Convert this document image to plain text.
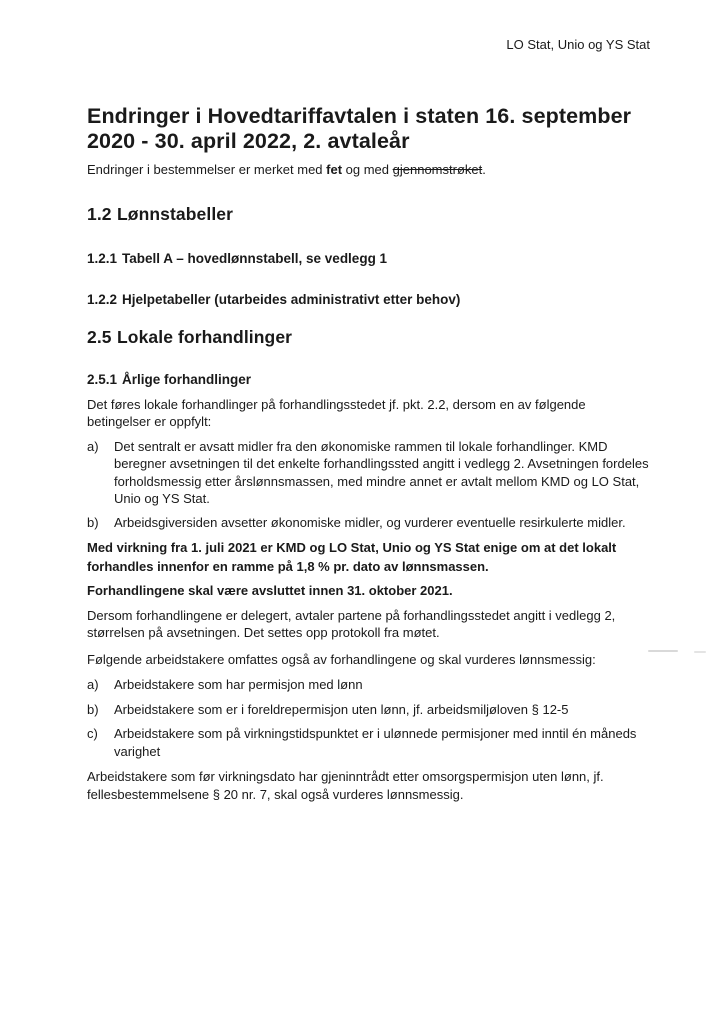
LO Stat, Unio og YS Stat
Endringer i Hovedtariffavtalen i staten 16. september 2020 - 30. april 2022, 2. avtaleår

Endringer i bestemmelser er merket med fet og med gjennomstrøket.

1.2 Lønnstabeller
1.2.1 Tabell A – hovedlønnstabell, se vedlegg 1
1.2.2 Hjelpetabeller (utarbeides administrativt etter behov)
2.5 Lokale forhandlinger
2.5.1 Årlige forhandlinger

Det føres lokale forhandlinger på forhandlingsstedet jf. pkt. 2.2, dersom en av følgende betingelser er oppfylt:

a)	Det sentralt er avsatt midler fra den økonomiske rammen til lokale forhandlinger. KMD beregner avsetningen til det enkelte forhandlingssted angitt i vedlegg 2. Avsetningen fordeles forholdsmessig etter årslønnsmassen, med mindre annet er avtalt mellom KMD og LO Stat, Unio og YS Stat.
b)	Arbeidsgiversiden avsetter økonomiske midler, og vurderer eventuelle resirkulerte midler.

Med virkning fra 1. juli 2021 er KMD og LO Stat, Unio og YS Stat enige om at det lokalt forhandles innenfor en ramme på 1,8 % pr. dato av lønnsmassen.

Forhandlingene skal være avsluttet innen 31. oktober 2021.

Dersom forhandlingene er delegert, avtaler partene på forhandlingsstedet angitt i vedlegg 2, størrelsen på avsetningen. Det settes opp protokoll fra møtet.

Følgende arbeidstakere omfattes også av forhandlingene og skal vurderes lønnsmessig:

a)	Arbeidstakere som har permisjon med lønn
b)	Arbeidstakere som er i foreldrepermisjon uten lønn, jf. arbeidsmiljøloven § 12-5
c)	Arbeidstakere som på virkningstidspunktet er i ulønnede permisjoner med inntil én måneds varighet

Arbeidstakere som før virkningsdato har gjeninntrådt etter omsorgspermisjon uten lønn, jf. fellesbestemmelsene § 20 nr. 7, skal også vurderes lønnsmessig.
